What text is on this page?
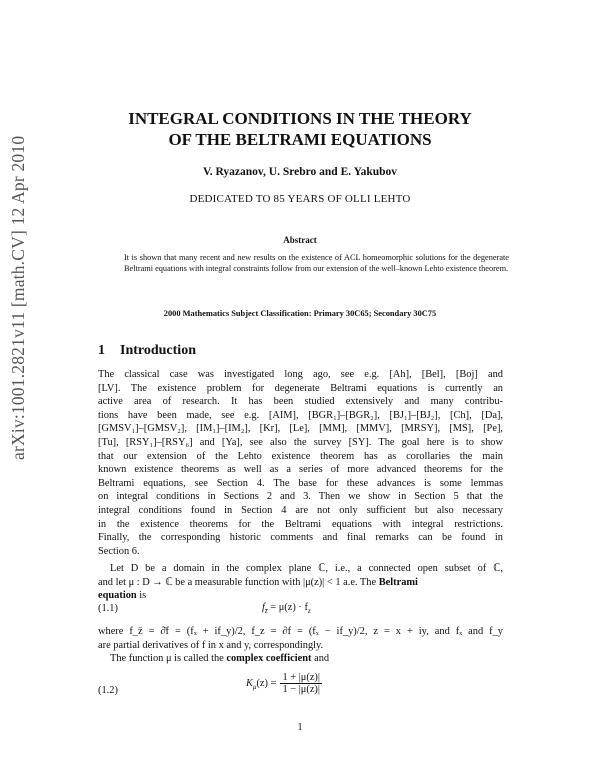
arXiv:1001.2821v11 [math.CV] 12 Apr 2010
INTEGRAL CONDITIONS IN THE THEORY
OF THE BELTRAMI EQUATIONS
V. Ryazanov, U. Srebro and E. Yakubov
DEDICATED TO 85 YEARS OF OLLI LEHTO
Abstract
It is shown that many recent and new results on the existence of ACL homeomorphic solutions for the degenerate Beltrami equations with integral constraints follow from our extension of the well–known Lehto existence theorem.
2000 Mathematics Subject Classification: Primary 30C65; Secondary 30C75
1 Introduction
The classical case was investigated long ago, see e.g. [Ah], [Bel], [Boj] and
[LV]. The existence problem for degenerate Beltrami equations is currently an
active area of research. It has been studied extensively and many contribu-
tions have been made, see e.g. [AIM], [BGR₁]–[BGR₂], [BJ₁]–[BJ₂], [Ch], [Da],
[GMSV₁]–[GMSV₂], [IM₁]–[IM₂], [Kr], [Le], [MM], [MMV], [MRSY], [MS], [Pe],
[Tu], [RSY₁]–[RSY₆] and [Ya], see also the survey [SY]. The goal here is to show
that our extension of the Lehto existence theorem has as corollaries the main
known existence theorems as well as a series of more advanced theorems for the
Beltrami equations, see Section 4. The base for these advances is some lemmas
on integral conditions in Sections 2 and 3. Then we show in Section 5 that the
integral conditions found in Section 4 are not only sufficient but also necessary
in the existence theorems for the Beltrami equations with integral restrictions.
Finally, the corresponding historic comments and final remarks can be found in
Section 6.
Let D be a domain in the complex plane ℂ, i.e., a connected open subset of ℂ,
and let μ : D → ℂ be a measurable function with |μ(z)| < 1 a.e. The Beltrami
equation is
(1.1)	$f_{z̄} = \mu(z) \cdot f_z$
where f_z̄ = ∂̄f = (fₓ + if_y)/2, f_z = ∂f = (fₓ − if_y)/2, z = x + iy, and fₓ and f_y
are partial derivatives of f in x and y, correspondingly.
The function μ is called the complex coefficient and
(1.2)
$K_\mu(z) = \frac{1 + |\mu(z)|}{1 - |\mu(z)|}$
1
